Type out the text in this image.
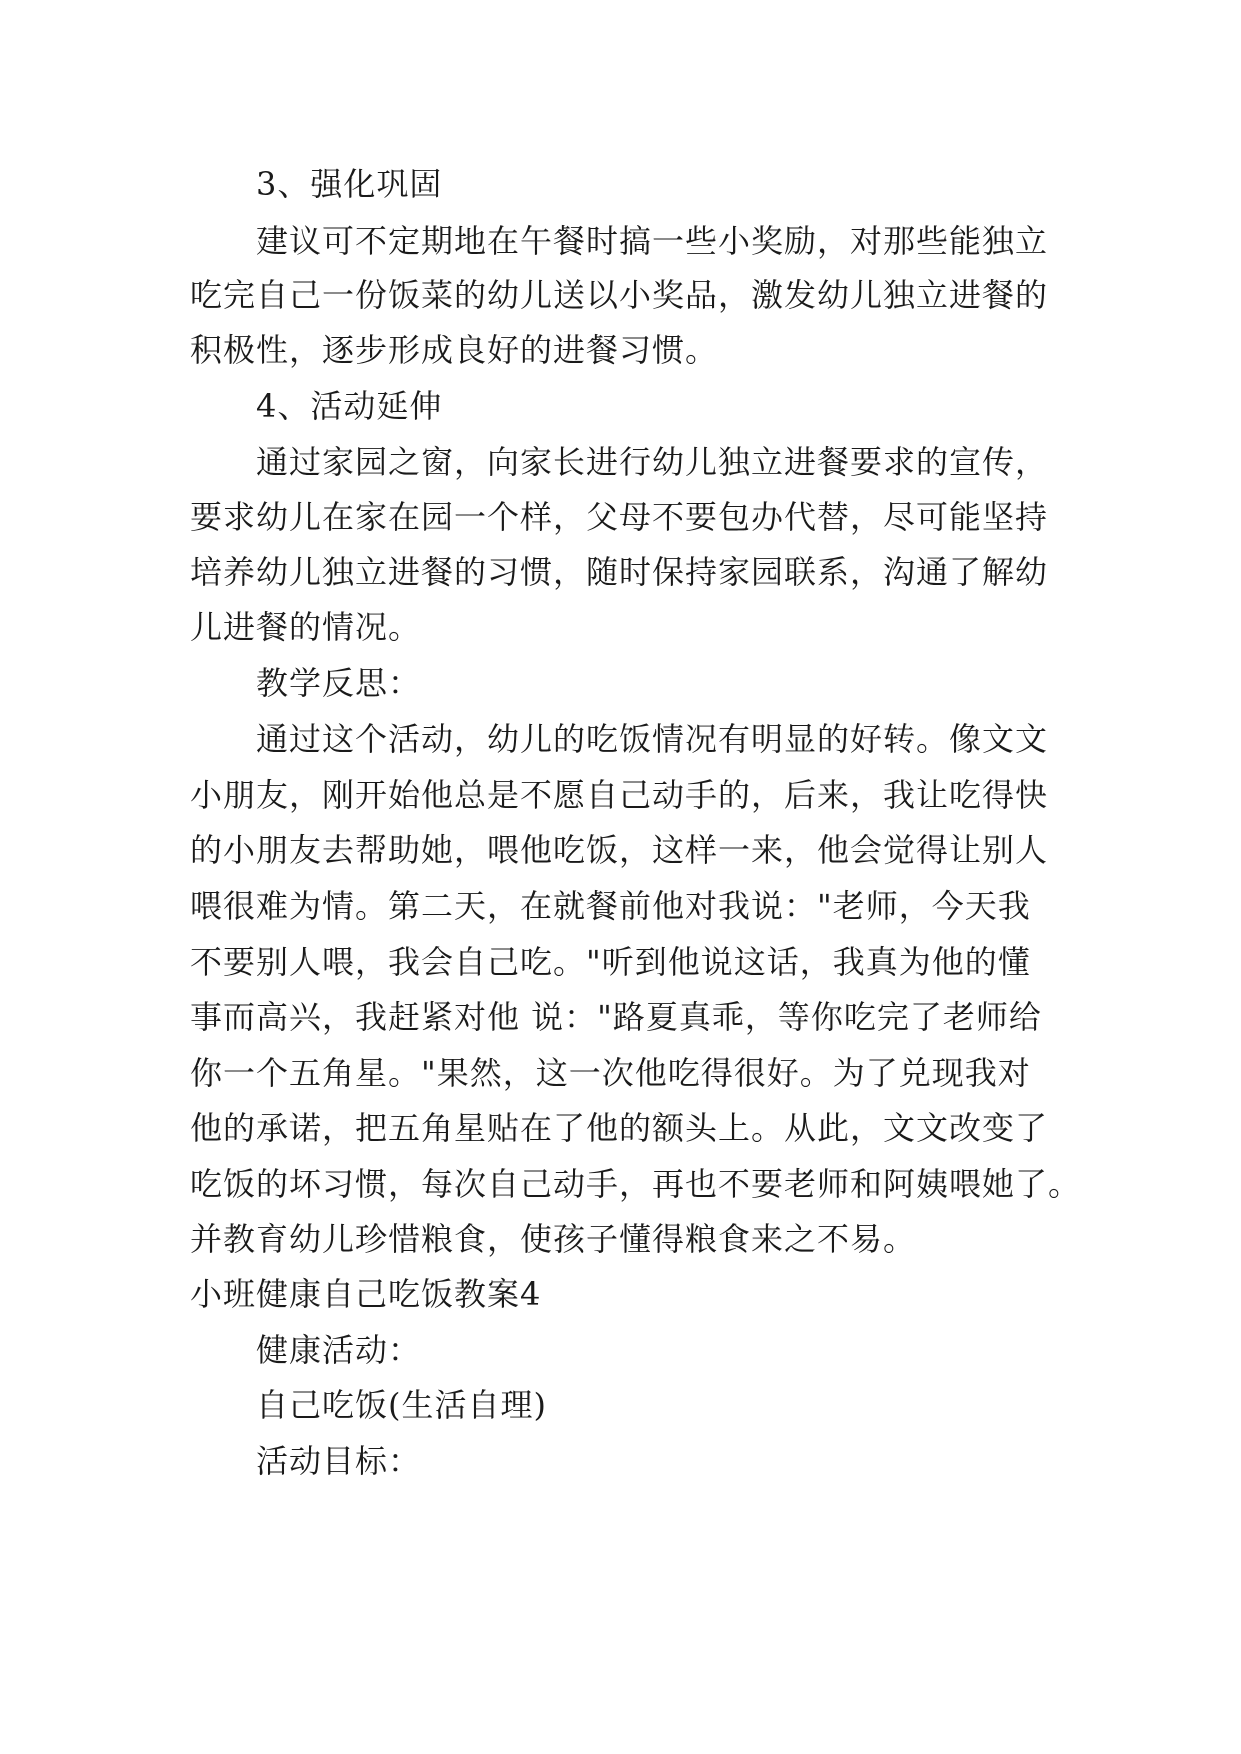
3、强化巩固
建议可不定期地在午餐时搞一些小奖励，对那些能独立
吃完自己一份饭菜的幼儿送以小奖品，激发幼儿独立进餐的
积极性，逐步形成良好的进餐习惯。
4、活动延伸
通过家园之窗，向家长进行幼儿独立进餐要求的宣传，
要求幼儿在家在园一个样，父母不要包办代替，尽可能坚持
培养幼儿独立进餐的习惯，随时保持家园联系，沟通了解幼
儿进餐的情况。
教学反思：
通过这个活动，幼儿的吃饭情况有明显的好转。像文文
小朋友，刚开始他总是不愿自己动手的，后来，我让吃得快
的小朋友去帮助她，喂他吃饭，这样一来，他会觉得让别人
喂很难为情。第二天，在就餐前他对我说："老师，今天我
不要别人喂，我会自己吃。"听到他说这话，我真为他的懂
事而高兴，我赶紧对他 说："路夏真乖，等你吃完了老师给
你一个五角星。"果然，这一次他吃得很好。为了兑现我对
他的承诺，把五角星贴在了他的额头上。从此，文文改变了
吃饭的坏习惯，每次自己动手，再也不要老师和阿姨喂她了。
并教育幼儿珍惜粮食，使孩子懂得粮食来之不易。
小班健康自己吃饭教案4
健康活动：
自己吃饭(生活自理)
活动目标：
